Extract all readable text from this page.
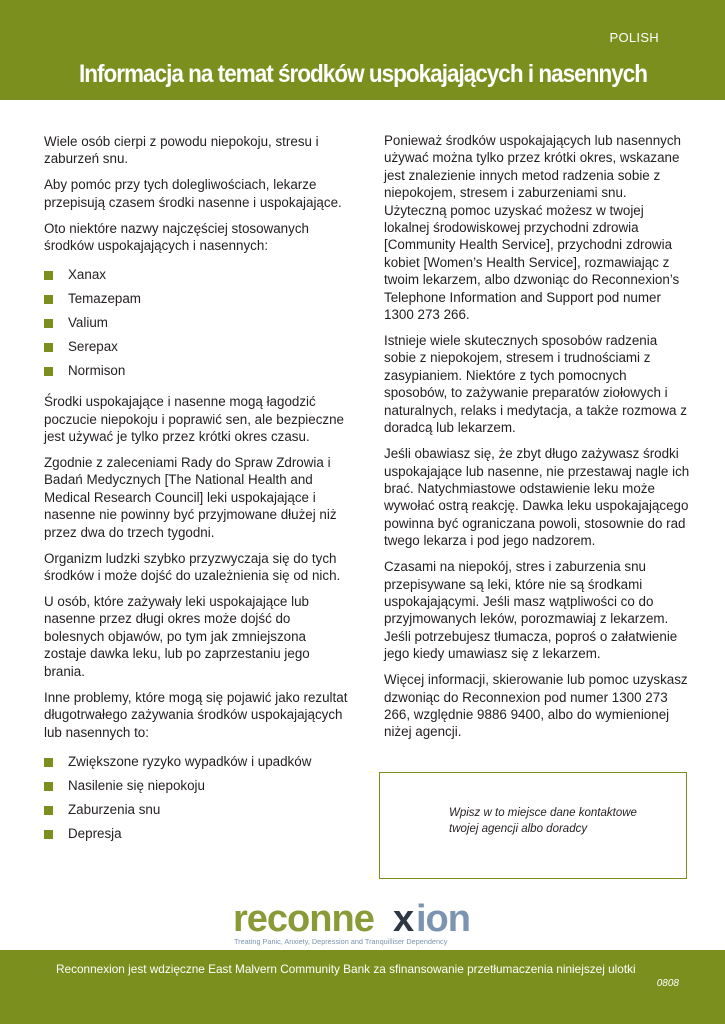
POLISH
Informacja na temat środków uspokajających i nasennych

Wiele osób cierpi z powodu niepokoju, stresu i zaburzeń snu.

Aby pomóc przy tych dolegliwościach, lekarze przepisują czasem środki nasenne i uspokajające.

Oto niektóre nazwy najczęściej stosowanych środków uspokajających i nasennych:

Xanax
Temazepam
Valium
Serepax
Normison

Środki uspokajające i nasenne mogą łagodzić poczucie niepokoju i poprawić sen, ale bezpieczne jest używać je tylko przez krótki okres czasu.

Zgodnie z zaleceniami Rady do Spraw Zdrowia i Badań Medycznych [The National Health and Medical Research Council] leki uspokajające i nasenne nie powinny być przyjmowane dłużej niż przez dwa do trzech tygodni.

Organizm ludzki szybko przyzwyczaja się do tych środków i może dojść do uzależnienia się od nich.

U osób, które zażywały leki uspokajające lub nasenne przez długi okres może dojść do bolesnych objawów, po tym jak zmniejszona zostaje dawka leku, lub po zaprzestaniu jego brania.

Inne problemy, które mogą się pojawić jako rezultat długotrwałego zażywania środków uspokajających lub nasennych to:

Zwiększone ryzyko wypadków i upadków
Nasilenie się niepokoju
Zaburzenia snu
Depresja

Ponieważ środków uspokajających lub nasennych używać można tylko przez krótki okres, wskazane jest znalezienie innych metod radzenia sobie z niepokojem, stresem i zaburzeniami snu. Użyteczną pomoc uzyskać możesz w twojej lokalnej środowiskowej przychodni zdrowia [Community Health Service], przychodni zdrowia kobiet [Women’s Health Service], rozmawiając z twoim lekarzem, albo dzwoniąc do Reconnexion’s Telephone Information and Support pod numer 1300 273 266.

Istnieje wiele skutecznych sposobów radzenia sobie z niepokojem, stresem i trudnościami z zasypianiem. Niektóre z tych pomocnych sposobów, to zażywanie preparatów ziołowych i naturalnych, relaks i medytacja, a także rozmowa z doradcą lub lekarzem.

Jeśli obawiasz się, że zbyt długo zażywasz środki uspokajające lub nasenne, nie przestawaj nagle ich brać. Natychmiastowe odstawienie leku może wywołać ostrą reakcję. Dawka leku uspokajającego powinna być ograniczana powoli, stosownie do rad twego lekarza i pod jego nadzorem.

Czasami na niepokój, stres i zaburzenia snu przepisywane są leki, które nie są środkami uspokajającymi. Jeśli masz wątpliwości co do przyjmowanych leków, porozmawiaj z lekarzem. Jeśli potrzebujesz tłumacza, poproś o załatwienie jego kiedy umawiasz się z lekarzem.

Więcej informacji, skierowanie lub pomoc uzyskasz dzwoniąc do Reconnexion pod numer 1300 273 266, względnie 9886 9400, albo do wymienionej niżej agencji.

Wpisz w to miejsce dane kontaktowe twojej agencji albo doradcy

reconne x ion
Treating Panic, Anxiety, Depression and Tranquilliser Dependency

Reconnexion jest wdzięczne East Malvern Community Bank za sfinansowanie przetłumaczenia niniejszej ulotki

0808
